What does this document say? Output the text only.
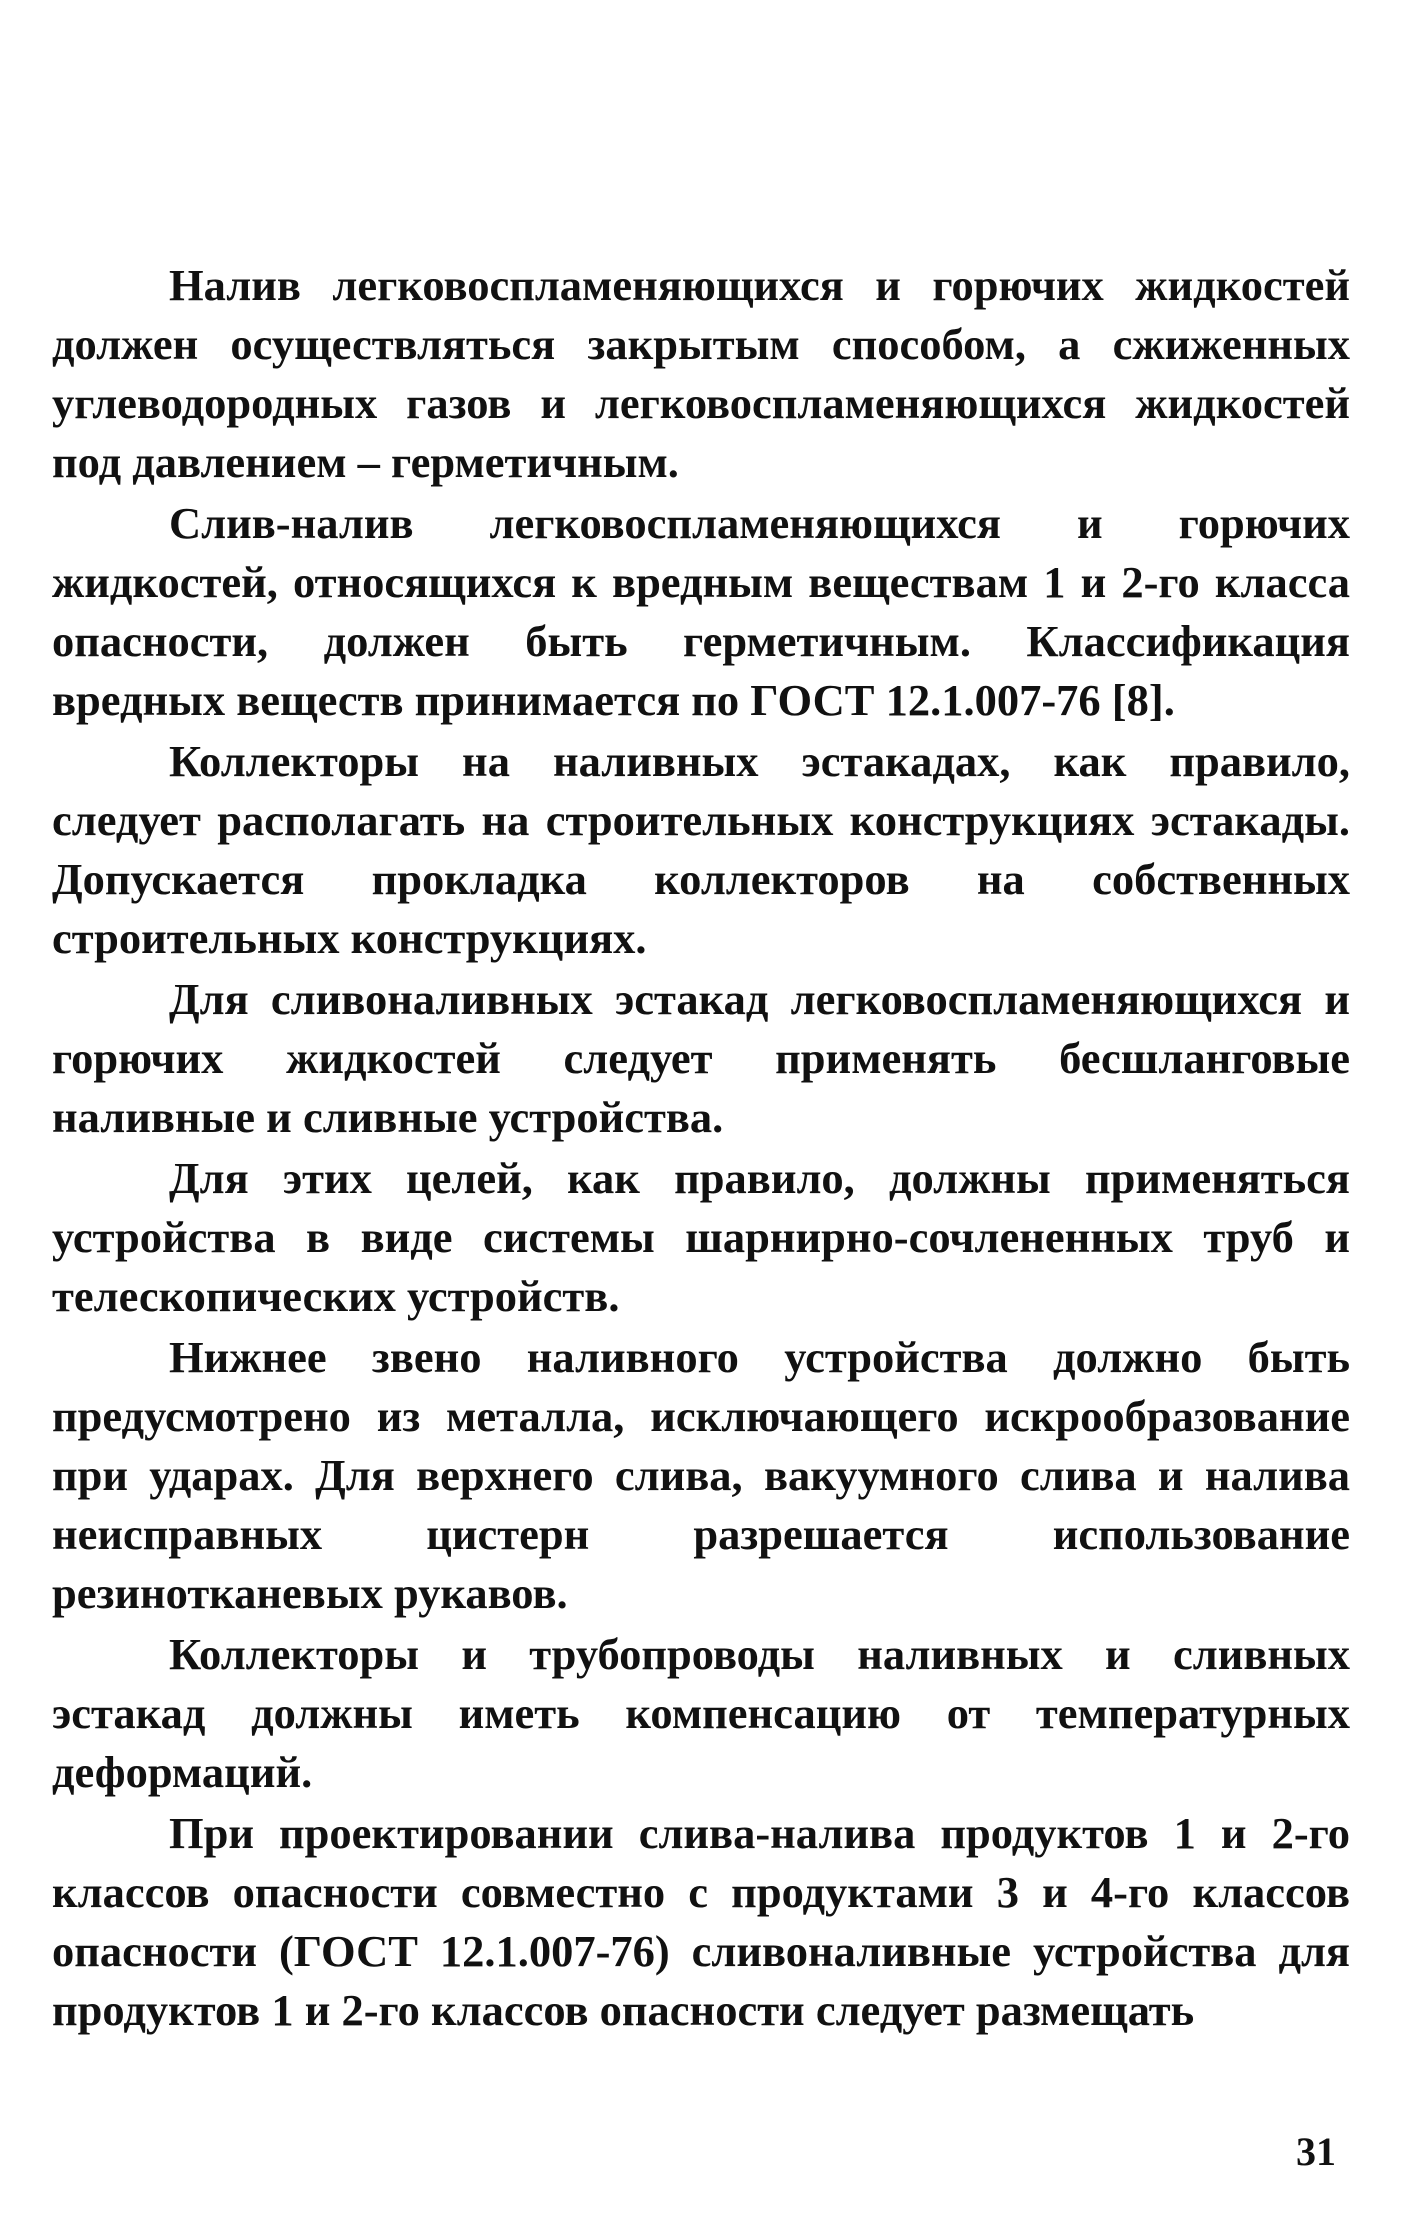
Налив легковоспламеняющихся и горючих жидкостей должен осуществляться закрытым способом, а сжиженных углеводородных газов и легковоспламеняющихся жидкостей под давлением – герметичным.

Слив-налив легковоспламеняющихся и горючих жидкостей, относящихся к вредным веществам 1 и 2-го класса опасности, должен быть герметичным. Классификация вредных веществ принимается по ГОСТ 12.1.007-76 [8].

Коллекторы на наливных эстакадах, как правило, следует располагать на строительных конструкциях эстакады. Допускается прокладка коллекторов на собственных строительных конструкциях.

Для сливоналивных эстакад легковоспламеняющихся и горючих жидкостей следует применять бесшланговые наливные и сливные устройства.

Для этих целей, как правило, должны применяться устройства в виде системы шарнирно-сочлененных труб и телескопических устройств.

Нижнее звено наливного устройства должно быть предусмотрено из металла, исключающего искрообразование при ударах. Для верхнего слива, вакуумного слива и налива неисправных цистерн разрешается использование резинотканевых рукавов.

Коллекторы и трубопроводы наливных и сливных эстакад должны иметь компенсацию от температурных деформаций.

При проектировании слива-налива продуктов 1 и 2-го классов опасности совместно с продуктами 3 и 4-го классов опасности (ГОСТ 12.1.007-76) сливоналивные устройства для продуктов 1 и 2-го классов опасности следует размещать

31
